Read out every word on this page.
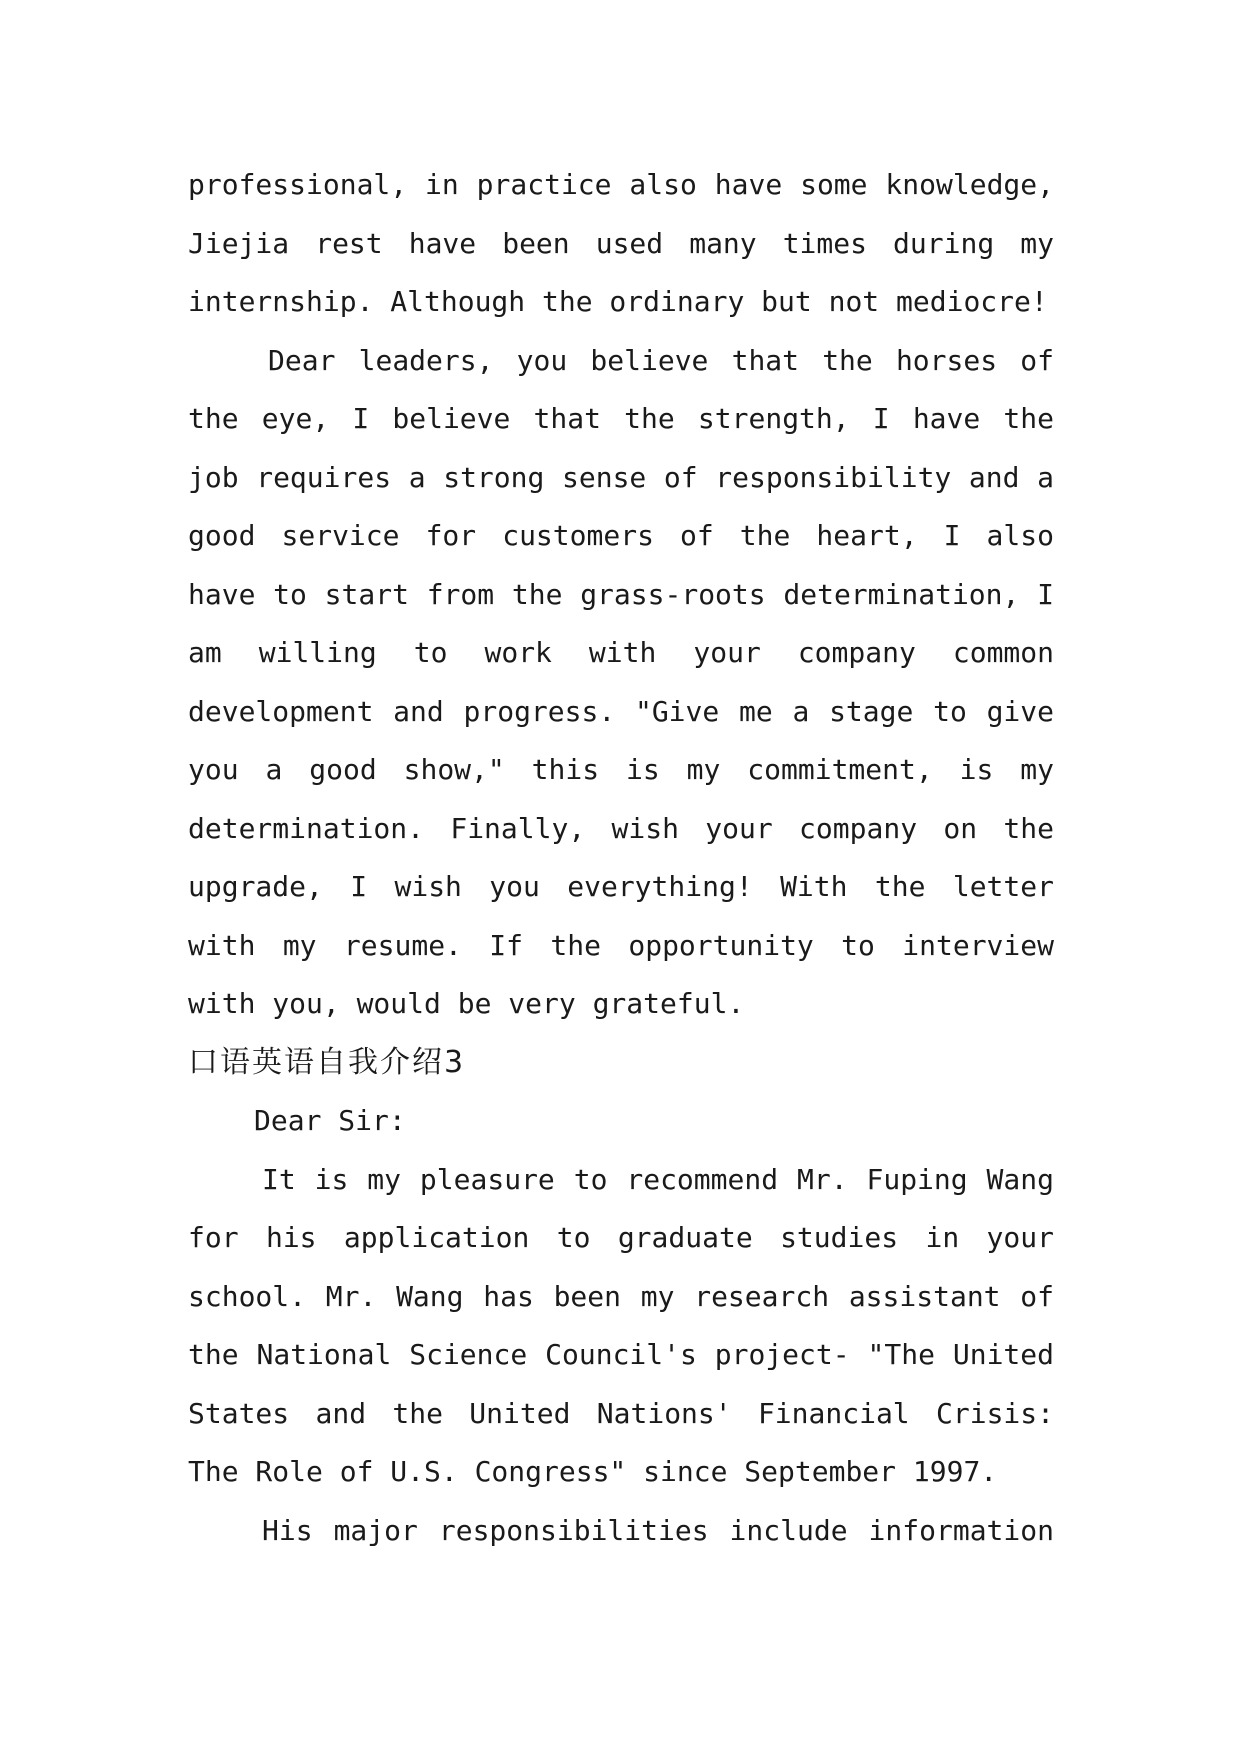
professional, in practice also have some knowledge,
Jiejia rest have been used many times during my
internship. Although the ordinary but not mediocre!
Dear leaders, you believe that the horses of
the eye, I believe that the strength, I have the
job requires a strong sense of responsibility and a
good service for customers of the heart, I also
have to start from the grass-roots determination, I
am willing to work with your company common
development and progress. "Give me a stage to give
you a good show," this is my commitment, is my
determination. Finally, wish your company on the
upgrade, I wish you everything! With the letter
with my resume. If the opportunity to interview
with you, would be very grateful.
口语英语自我介绍3
Dear Sir:
It is my pleasure to recommend Mr. Fuping Wang
for his application to graduate studies in your
school. Mr. Wang has been my research assistant of
the National Science Council's project- "The United
States and the United Nations' Financial Crisis:
The Role of U.S. Congress" since September 1997.
His major responsibilities include information
